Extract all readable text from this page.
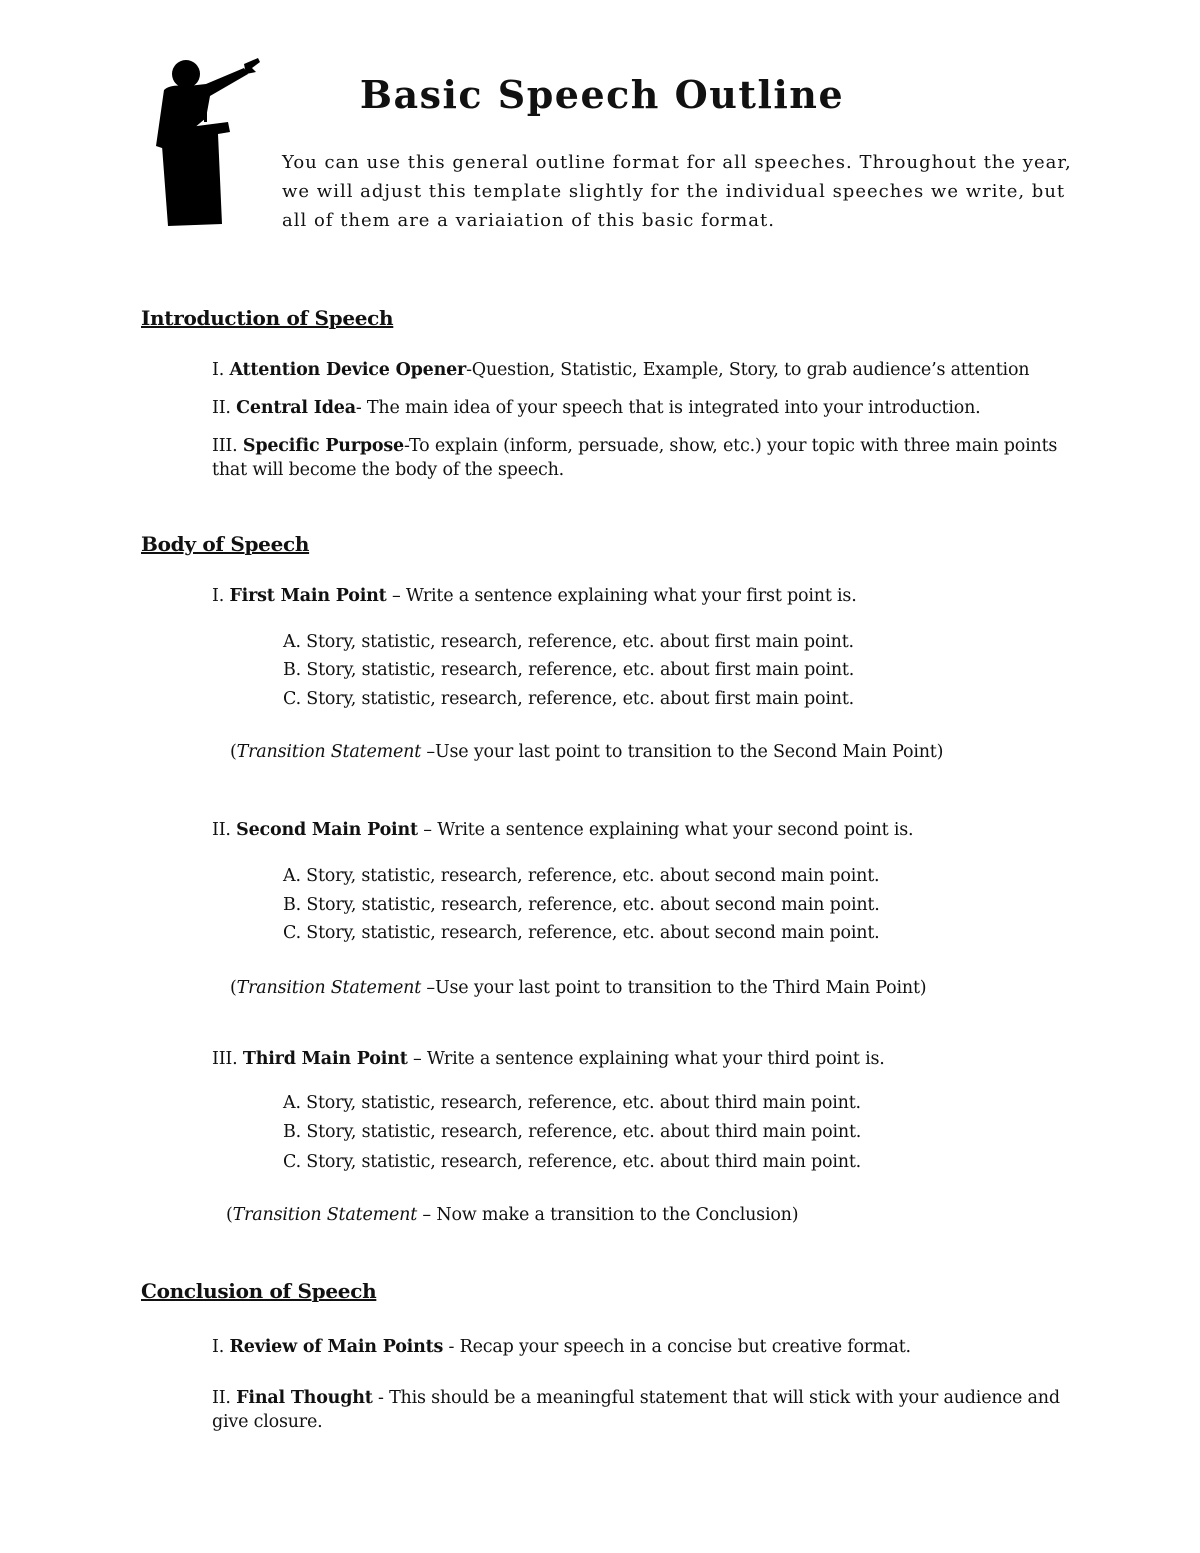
Basic Speech Outline

You can use this general outline format for all speeches. Throughout the year, we will adjust this template slightly for the individual speeches we write, but all of them are a variaiation of this basic format.

Introduction of Speech

I. Attention Device Opener-Question, Statistic, Example, Story, to grab audience’s attention

II. Central Idea- The main idea of your speech that is integrated into your introduction.

III. Specific Purpose-To explain (inform, persuade, show, etc.) your topic with three main points that will become the body of the speech.

Body of Speech

I. First Main Point – Write a sentence explaining what your first point is.

A. Story, statistic, research, reference, etc. about first main point.

B. Story, statistic, research, reference, etc. about first main point.

C. Story, statistic, research, reference, etc. about first main point.

(Transition Statement –Use your last point to transition to the Second Main Point)

II. Second Main Point – Write a sentence explaining what your second point is.

A. Story, statistic, research, reference, etc. about second main point.

B. Story, statistic, research, reference, etc. about second main point.

C. Story, statistic, research, reference, etc. about second main point.

(Transition Statement –Use your last point to transition to the Third Main Point)

III. Third Main Point – Write a sentence explaining what your third point is.

A. Story, statistic, research, reference, etc. about third main point.

B. Story, statistic, research, reference, etc. about third main point.

C. Story, statistic, research, reference, etc. about third main point.

(Transition Statement – Now make a transition to the Conclusion)

Conclusion of Speech

I. Review of Main Points - Recap your speech in a concise but creative format.

II. Final Thought - This should be a meaningful statement that will stick with your audience and give closure.
